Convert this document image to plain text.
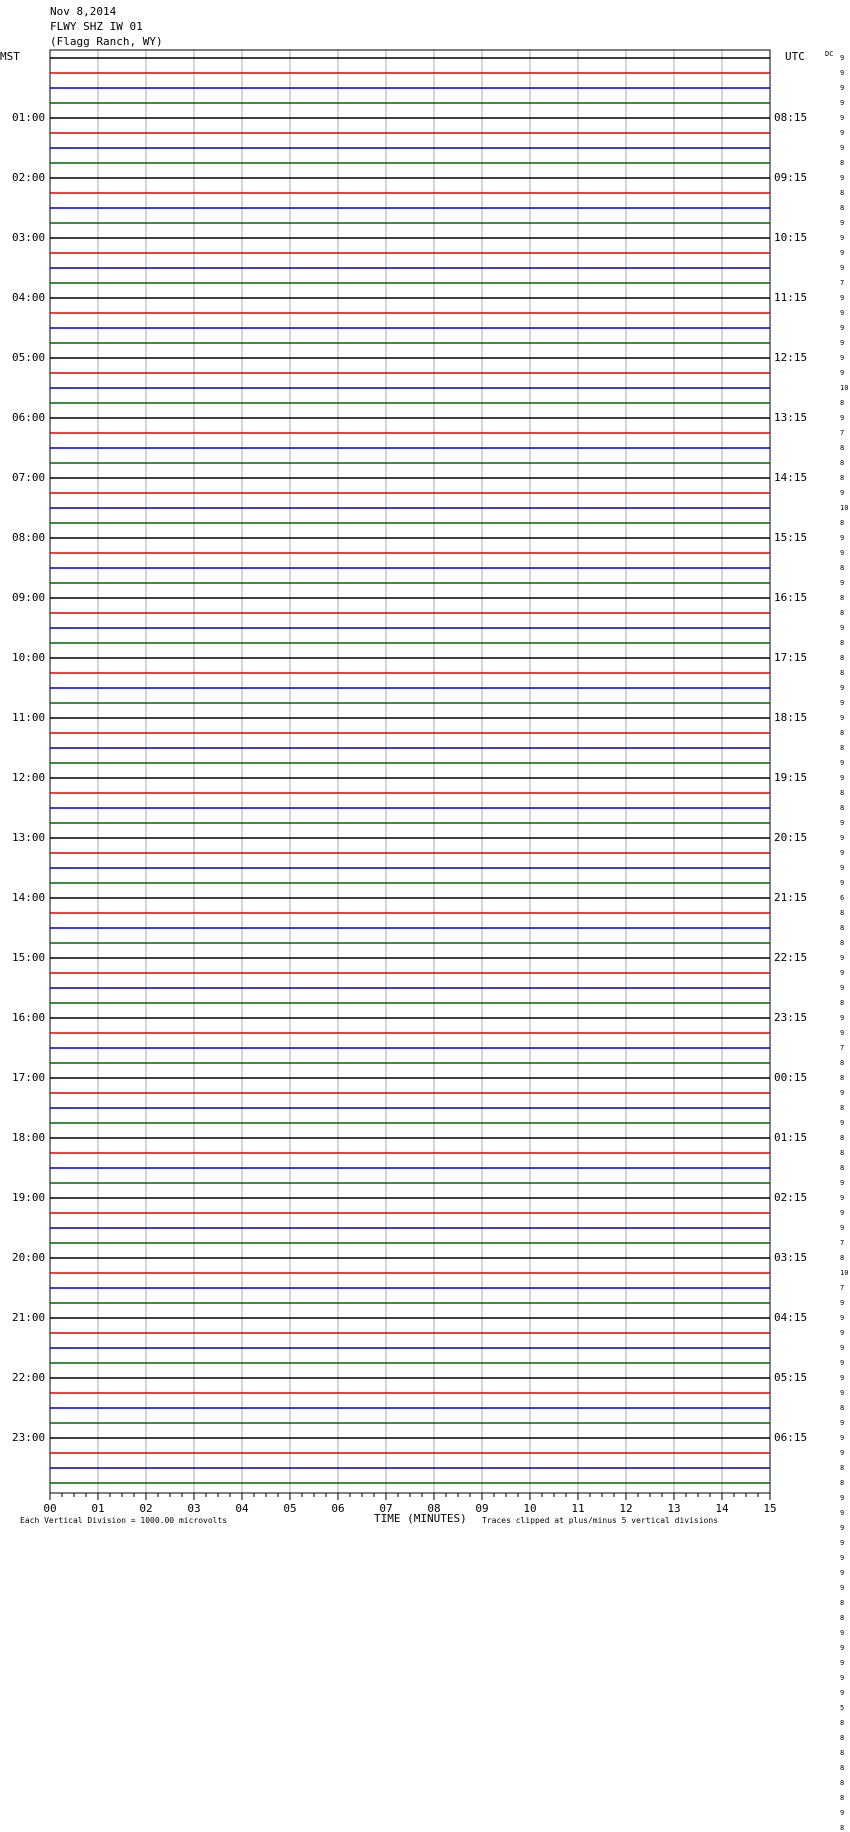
Nov 8,2014
FLWY SHZ IW 01
(Flagg Ranch, WY)
MST	UTC	DC
01:00
02:00
03:00
04:00
05:00
06:00
07:00
08:00
09:00
10:00
11:00
12:00
13:00
14:00
15:00
16:00
17:00
18:00
19:00
20:00
21:00
22:00
23:00
08:15
09:15
10:15
11:15
12:15
13:15
14:15
15:15
16:15
17:15
18:15
19:15
20:15
21:15
22:15
23:15
00:15
01:15
02:15
03:15
04:15
05:15
06:15
9
9
9
9
9
9
9
8
9
8
8
9
9
9
9
7
9
9
9
9
9
9
10
8
9
7
8
8
8
9
10
8
9
9
8
9
8
8
9
8
8
8
9
9
9
8
8
9
9
8
8
9
9
9
9
9
6
8
8
8
9
9
9
8
9
9
7
8
8
9
8
9
8
8
8
9
9
9
9
7
8
10
7
9
9
9
9
9
9
9
8
9
9
9
8
8
9
9
9
9
9
9
9
8
8
9
9
9
9
9
5
8
8
8
8
8
8
9
8
00	01	02	03	04	05	06	07	08	09	10	11	12	13	14	15
Each Vertical Division = 1000.00 microvolts	TIME (MINUTES) Traces clipped at plus/minus 5 vertical divisions
